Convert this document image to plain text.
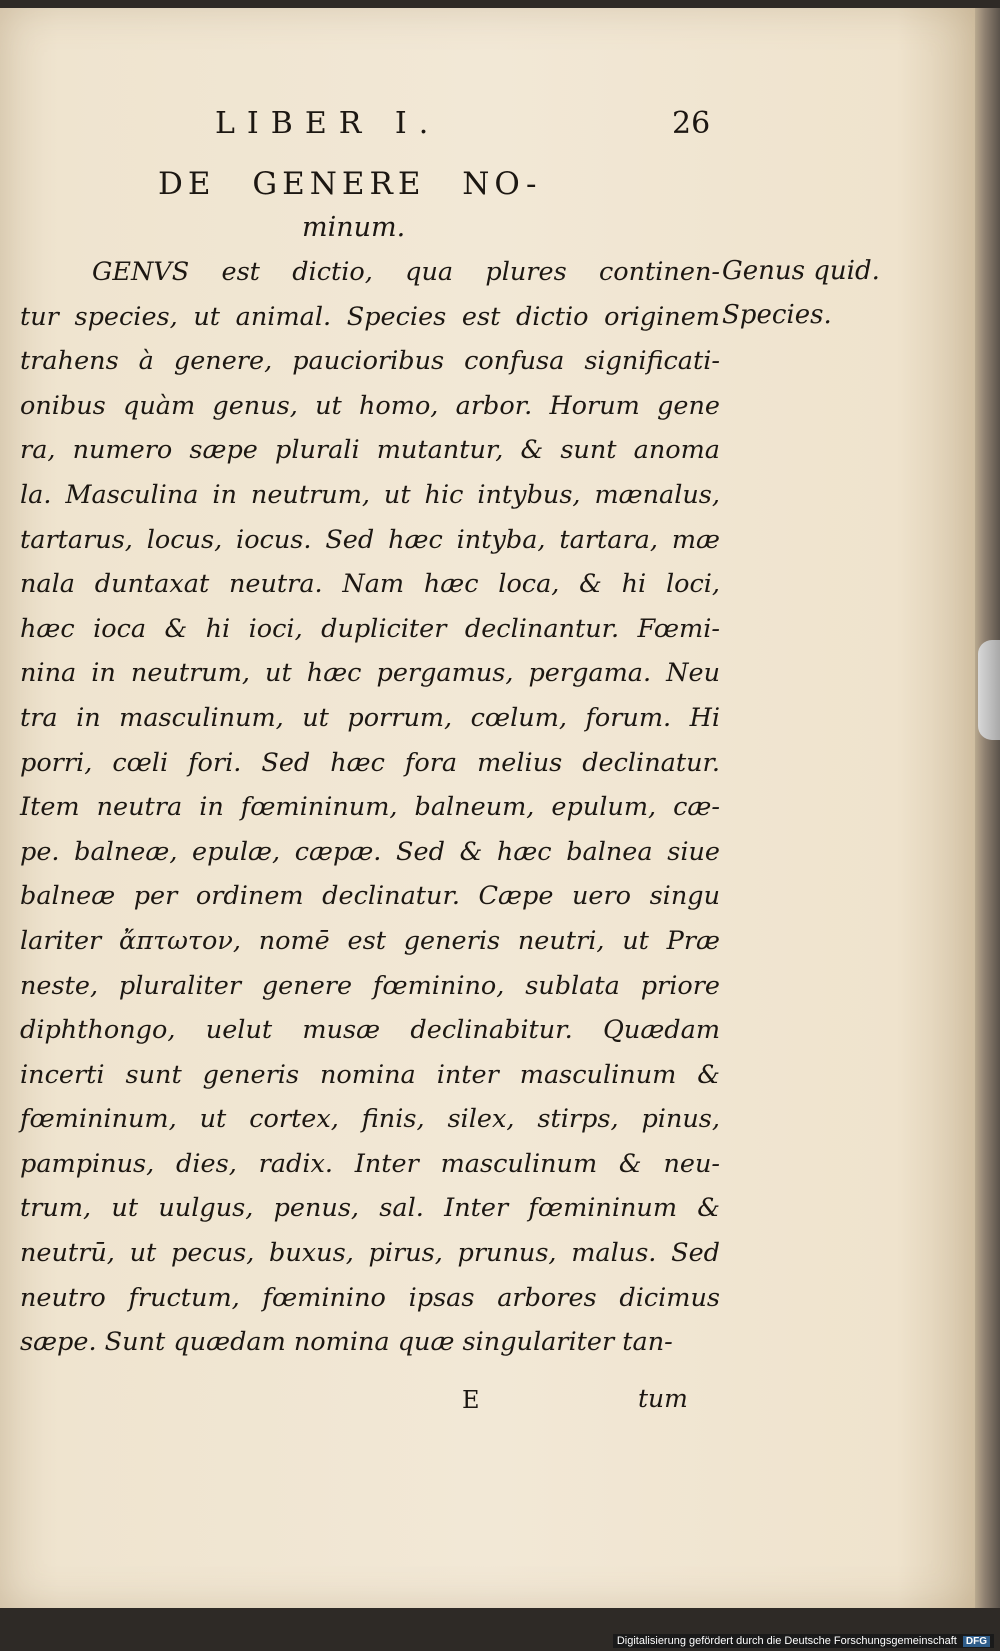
LIBER I.	26
DE GENERE NO-
minum.
Genus quid.
Species.
GENVS est dictio, qua plures continen-
tur species, ut animal. Species est dictio originem
trahens à genere, paucioribus confusa significati-
onibus quàm genus, ut homo, arbor. Horum gene
ra, numero sæpe plurali mutantur, & sunt anoma
la. Masculina in neutrum, ut hic intybus, mænalus,
tartarus, locus, iocus. Sed hæc intyba, tartara, mæ
nala duntaxat neutra. Nam hæc loca, & hi loci,
hæc ioca & hi ioci, dupliciter declinantur. Fœmi-
nina in neutrum, ut hæc pergamus, pergama. Neu
tra in masculinum, ut porrum, cœlum, forum. Hi
porri, cœli fori. Sed hæc fora melius declinatur.
Item neutra in fœmininum, balneum, epulum, cæ-
pe. balneæ, epulæ, cæpæ. Sed & hæc balnea siue
balneæ per ordinem declinatur. Cæpe uero singu
lariter ἄπτωτον, nomē est generis neutri, ut Præ
neste, pluraliter genere fœminino, sublata priore
diphthongo, uelut musæ declinabitur. Quædam
incerti sunt generis nomina inter masculinum &
fœmininum, ut cortex, finis, silex, stirps, pinus,
pampinus, dies, radix. Inter masculinum & neu-
trum, ut uulgus, penus, sal. Inter fœmininum &
neutrū, ut pecus, buxus, pirus, prunus, malus. Sed
neutro fructum, fœminino ipsas arbores dicimus
sæpe. Sunt quædam nomina quæ singulariter tan-
E	tum
Digitalisierung gefördert durch die Deutsche Forschungsgemeinschaft DFG
